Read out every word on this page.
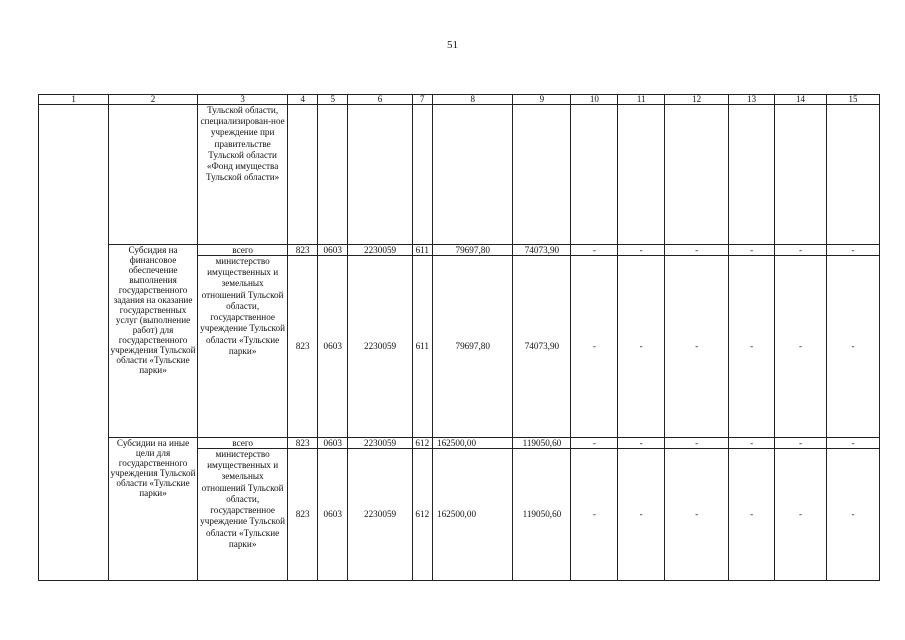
51
1	2	3	4	5	6	7	8	9	10	11	12	13	14	15
		Тульской области, специализирован-ное учреждение при правительстве Тульской области «Фонд имущества Тульской области»												
	Субсидия на финансовое обеспечение выполнения государственного задания на оказание государственных услуг (выполнение работ) для государственного учреждения Тульской области «Тульские парки»	всего	823	0603	2230059	611	79697,80	74073,90	-	-	-	-	-	-
		министерство имущественных и земельных отношений Тульской области, государственное учреждение Тульской области «Тульские парки»	823	0603	2230059	611	79697,80	74073,90	-	-	-	-	-	-
	Субсидии на иные цели для государственного учреждения Тульской области «Тульские парки»	всего	823	0603	2230059	612	162500,00	119050,60	-	-	-	-	-	-
		министерство имущественных и земельных отношений Тульской области, государственное учреждение Тульской области «Тульские парки»	823	0603	2230059	612	162500,00	119050,60	-	-	-	-	-	-
